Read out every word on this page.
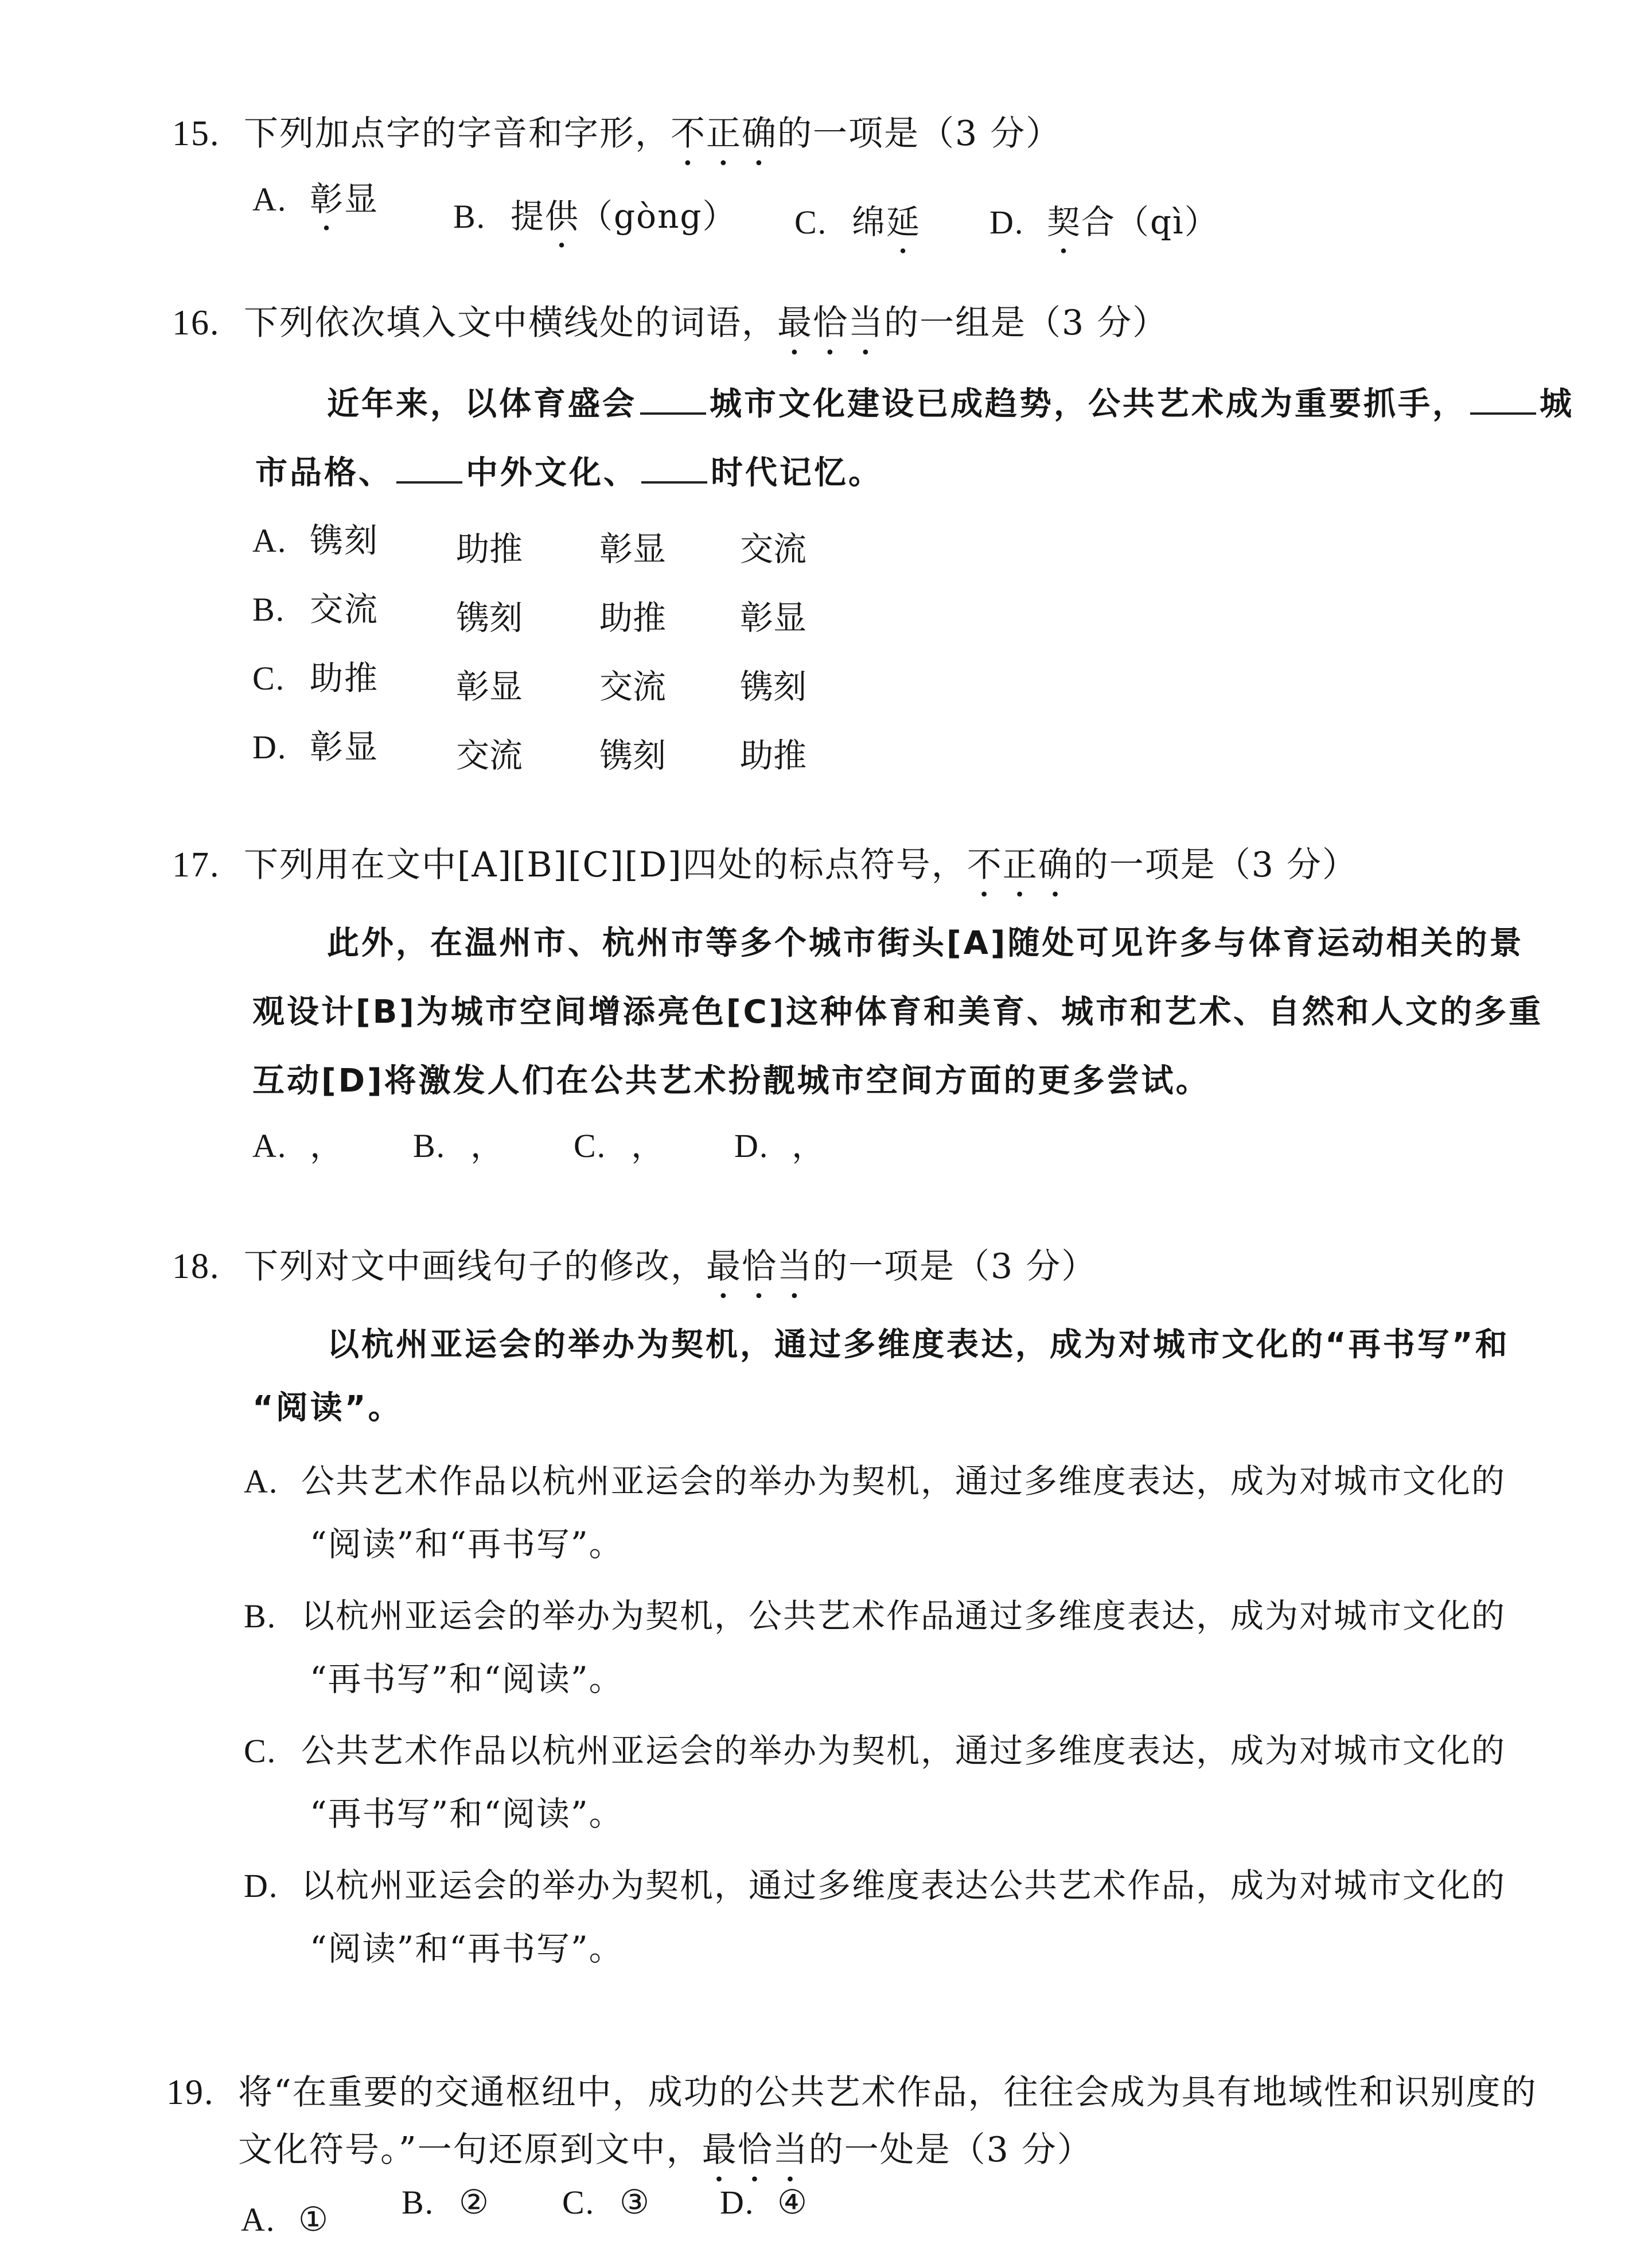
15. 下列加点字的字音和字形，不正确的一项是（3 分）
A. 彰显 B. 提供（gòng） C. 绵延 D. 契合（qì）
16. 下列依次填入文中横线处的词语，最恰当的一组是（3 分）
近年来，以体育盛会 城市文化建设已成趋势，公共艺术成为重要抓手， 城
市品格、 中外文化、 时代记忆。
A. 镌刻 助推 彰显 交流
B. 交流 镌刻 助推 彰显
C. 助推 彰显 交流 镌刻
D. 彰显 交流 镌刻 助推
17. 下列用在文中[A][B][C][D]四处的标点符号，不正确的一项是（3 分）
此外，在温州市、杭州市等多个城市街头[A]随处可见许多与体育运动相关的景
观设计[B]为城市空间增添亮色[C]这种体育和美育、城市和艺术、自然和人文的多重
互动[D]将激发人们在公共艺术扮靓城市空间方面的更多尝试。
A. ， B. ， C. ， D. ，
18. 下列对文中画线句子的修改，最恰当的一项是（3 分）
以杭州亚运会的举办为契机，通过多维度表达，成为对城市文化的“再书写”和
“阅读”。
A. 公共艺术作品以杭州亚运会的举办为契机，通过多维度表达，成为对城市文化的
“阅读”和“再书写”。
B. 以杭州亚运会的举办为契机，公共艺术作品通过多维度表达，成为对城市文化的
“再书写”和“阅读”。
C. 公共艺术作品以杭州亚运会的举办为契机，通过多维度表达，成为对城市文化的
“再书写”和“阅读”。
D. 以杭州亚运会的举办为契机，通过多维度表达公共艺术作品，成为对城市文化的
“阅读”和“再书写”。
19. 将“在重要的交通枢纽中，成功的公共艺术作品，往往会成为具有地域性和识别度的
文化符号。”一句还原到文中，最恰当的一处是（3 分）
A. ① B. ② C. ③ D. ④
